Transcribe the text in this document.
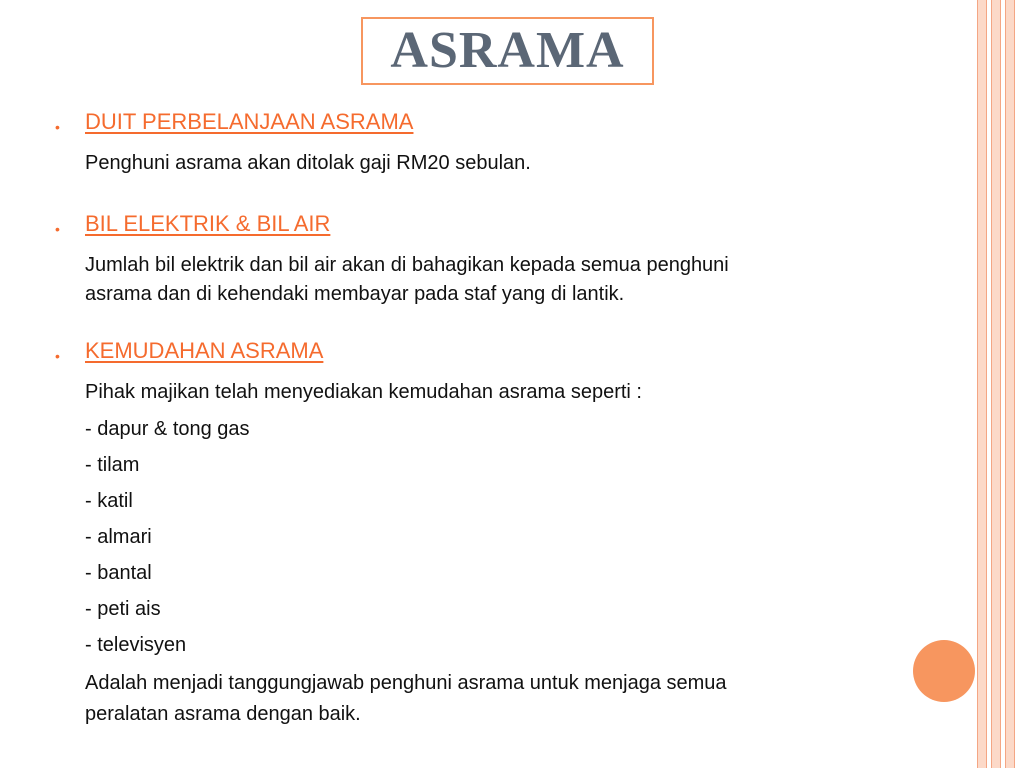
ASRAMA
• DUIT PERBELANJAAN ASRAMA
Penghuni asrama akan ditolak gaji RM20 sebulan.
• BIL ELEKTRIK & BIL AIR
Jumlah bil elektrik dan bil air akan di bahagikan kepada semua penghuni
asrama dan di kehendaki membayar pada staf yang di lantik.
• KEMUDAHAN ASRAMA
Pihak majikan telah menyediakan kemudahan asrama seperti :
- dapur & tong gas
- tilam
- katil
- almari
- bantal
- peti ais
- televisyen
Adalah menjadi tanggungjawab penghuni asrama untuk menjaga semua
peralatan asrama dengan baik.
